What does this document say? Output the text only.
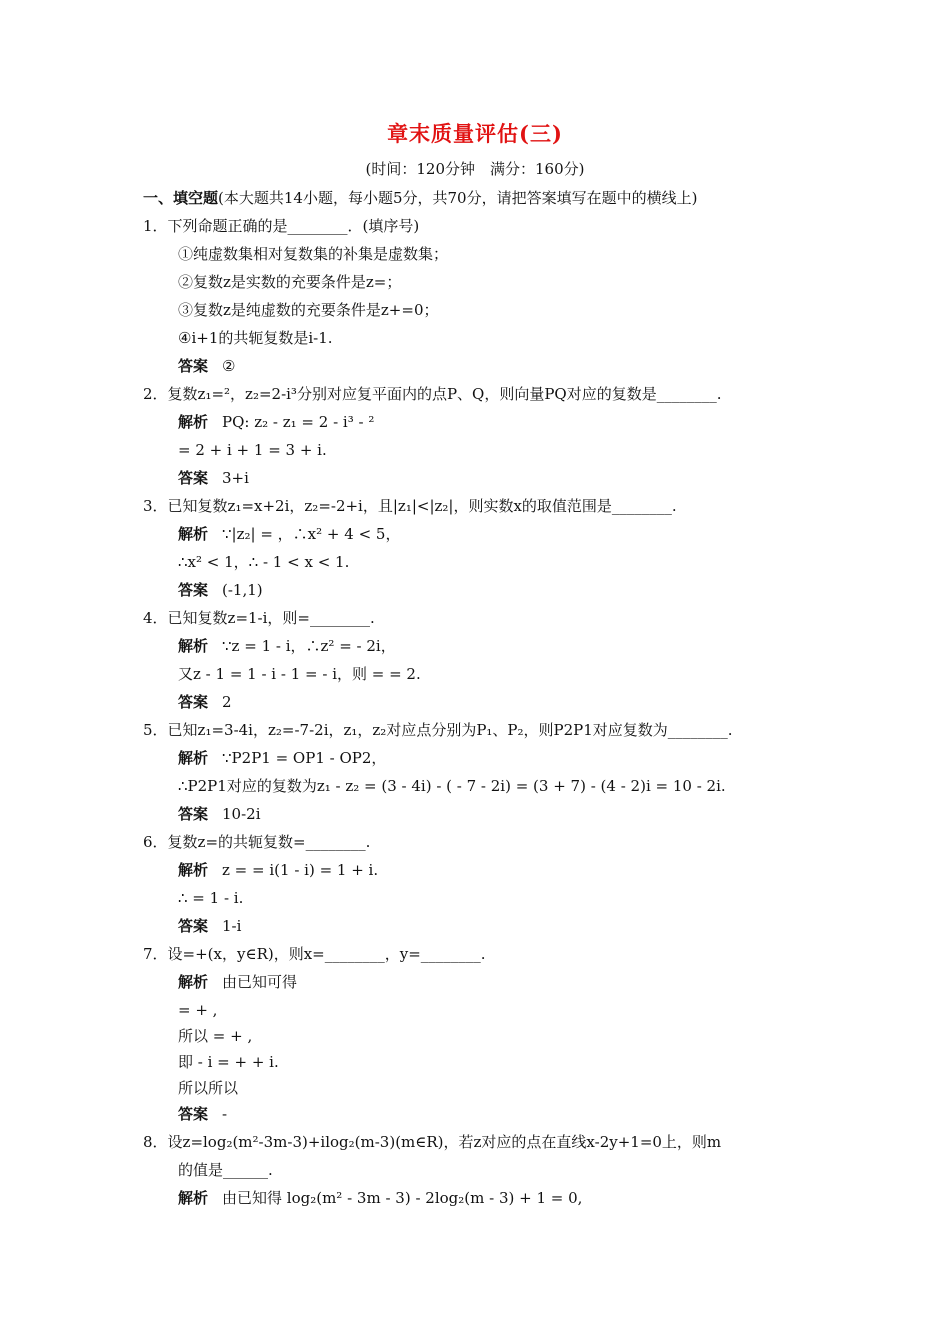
章末质量评估(三)
(时间：120分钟　满分：160分)
一、填空题(本大题共14小题，每小题5分，共70分，请把答案填写在题中的横线上)
1．下列命题正确的是________．(填序号)
①纯虚数集相对复数集的补集是虚数集；
②复数z是实数的充要条件是z=；
③复数z是纯虚数的充要条件是z+=0；
④i+1的共轭复数是i-1.
答案 ②
2．复数z₁=²，z₂=2-i³分别对应复平面内的点P、Q，则向量PQ对应的复数是________.
解析 PQ: z₂ - z₁ = 2 - i³ - ²
= 2 + i + 1 = 3 + i.
答案 3+i
3．已知复数z₁=x+2i，z₂=-2+i，且|z₁|<|z₂|，则实数x的取值范围是________.
解析 ∵|z₂| = ，∴x² + 4 < 5，
∴x² < 1，∴ - 1 < x < 1.
答案 (-1,1)
4．已知复数z=1-i，则=________.
解析 ∵z = 1 - i，∴z² = - 2i，
又z - 1 = 1 - i - 1 = - i，则 = = 2.
答案 2
5．已知z₁=3-4i，z₂=-7-2i，z₁，z₂对应点分别为P₁、P₂，则P2P1对应复数为________.
解析 ∵P2P1 = OP1 - OP2，
∴P2P1对应的复数为z₁ - z₂ = (3 - 4i) - ( - 7 - 2i) = (3 + 7) - (4 - 2)i = 10 - 2i.
答案 10-2i
6．复数z=的共轭复数=________.
解析 z = = i(1 - i) = 1 + i.
∴ = 1 - i.
答案 1-i
7．设=+(x，y∈R)，则x=________，y=________.
解析 由已知可得
= + ,
所以 = + ,
即 - i = + + i.
所以所以
答案 -
8．设z=log₂(m²-3m-3)+ilog₂(m-3)(m∈R)，若z对应的点在直线x-2y+1=0上，则m
的值是______.
解析 由已知得 log₂(m² - 3m - 3) - 2log₂(m - 3) + 1 = 0,
